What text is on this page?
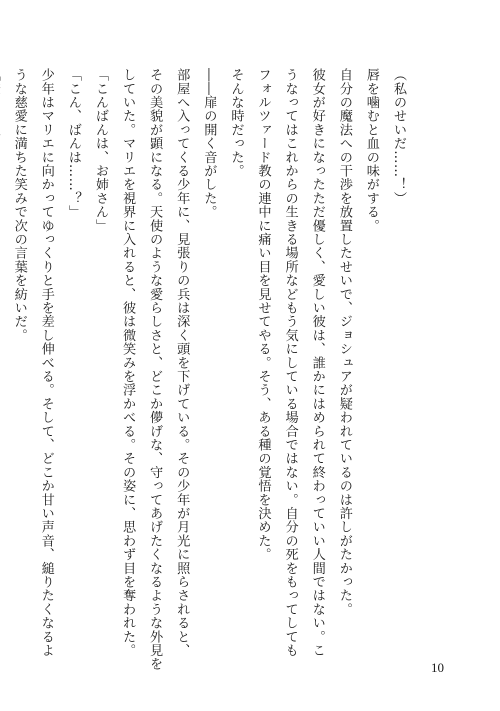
（私のせいだ……！）
唇を噛むと血の味がする。
自分の魔法への干渉を放置したせいで、ジョシュアが疑われているのは許しがたかった。
彼女が好きになったただ優しく、愛しい彼は、誰かにはめられて終わっていい人間ではない。こ
うなってはこれからの生きる場所などもう気にしている場合ではない。自分の死をもってしても
フォルツァード教の連中に痛い目を見せてやる。そう、ある種の覚悟を決めた。
そんな時だった。
――扉の開く音がした。
部屋へ入ってくる少年に、見張りの兵は深く頭を下げている。その少年が月光に照らされると、
その美貌が顕になる。天使のような愛らしさと、どこか儚げな、守ってあげたくなるような外見を
していた。マリエを視界に入れると、彼は微笑みを浮かべる。その姿に、思わず目を奪われた。
「こんばんは、お姉さん」
「こん、ばんは……？」
少年はマリエに向かってゆっくりと手を差し伸べる。そして、どこか甘い声音、縋りたくなるよ
うな慈愛に満ちた笑みで次の言葉を紡いだ。
10
